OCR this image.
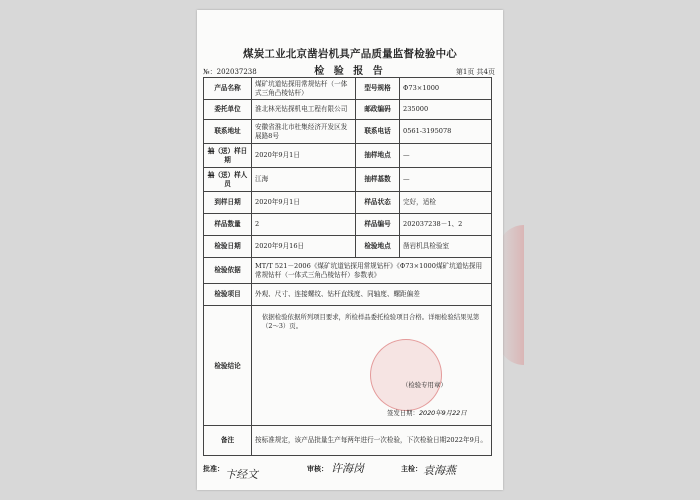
煤炭工业北京凿岩机具产品质量监督检验中心
№：202037238	检 验 报 告	第1页 共4页
产品名称	煤矿坑道钻探用常规钻杆（一体式三角凸棱钻杆）	型号规格	Φ73×1000
委托单位	淮北林光钻探机电工程有限公司	邮政编码	235000
联系地址	安徽省淮北市杜集经济开发区发展路8号	联系电话	0561-3195078
抽（送）样日期	2020年9月1日	抽样地点	—
抽（送）样人员	江海	抽样基数	—
到样日期	2020年9月1日	样品状态	完好，适检
样品数量	2	样品编号	202037238－1、2
检验日期	2020年9月16日	检验地点	凿岩机具检验室
检验依据	MT/T 521－2006《煤矿坑道钻探用常规钻杆》《Φ73×1000煤矿坑道钻探用常规钻杆（一体式三角凸棱钻杆）参数表》		
检验项目	外观、尺寸、连接螺纹、钻杆直线度、同轴度、螺距偏差		
检验结论	依据检验依据所列项目要求，所检样品委托检验项目合格。详细检验结果见第（2～3）页。
（检验专用章）
签发日期：2020年9月22日		

备注	按标准规定，该产品批量生产每两年进行一次检验，下次检验日期2022年9月。		
批准： 卞经文	审核： 许海岗	主检： 袁海燕
